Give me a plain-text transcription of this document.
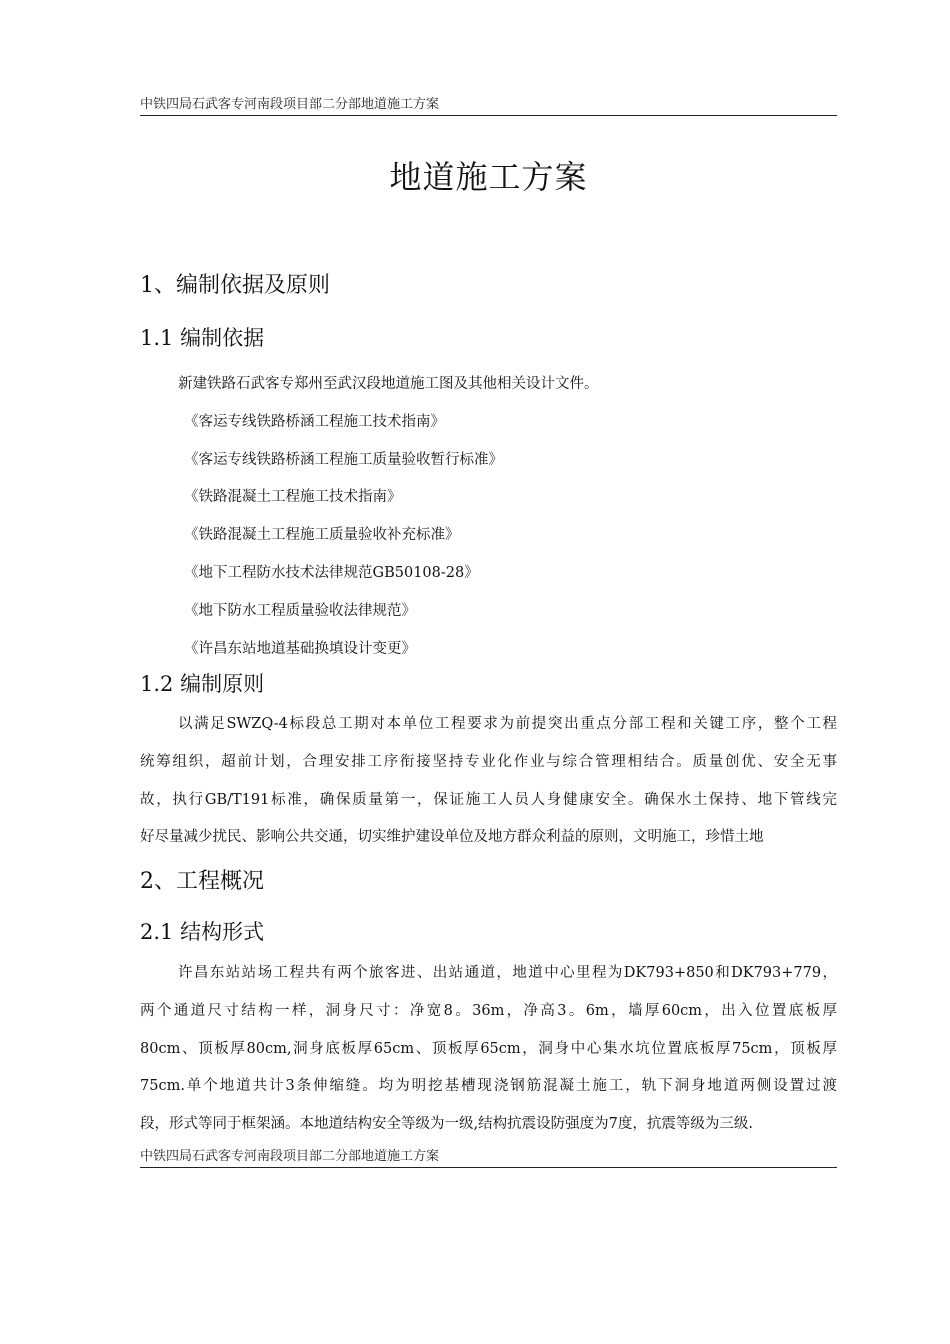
中铁四局石武客专河南段项目部二分部地道施工方案
地道施工方案
1、编制依据及原则
1.1 编制依据
新建铁路石武客专郑州至武汉段地道施工图及其他相关设计文件。
《客运专线铁路桥涵工程施工技术指南》
《客运专线铁路桥涵工程施工质量验收暂行标准》
《铁路混凝土工程施工技术指南》
《铁路混凝土工程施工质量验收补充标准》
《地下工程防水技术法律规范GB50108-28》
《地下防水工程质量验收法律规范》
《许昌东站地道基础换填设计变更》
1.2 编制原则

以满足SWZQ-4标段总工期对本单位工程要求为前提突出重点分部工程和关键工序，整个工程
统筹组织，超前计划，合理安排工序衔接坚持专业化作业与综合管理相结合。质量创优、安全无事
故，执行GB/T191标准，确保质量第一，保证施工人员人身健康安全。确保水土保持、地下管线完
好尽量减少扰民、影响公共交通，切实维护建设单位及地方群众利益的原则，文明施工，珍惜土地

2、工程概况
2.1 结构形式

许昌东站站场工程共有两个旅客进、出站通道，地道中心里程为DK793+850和DK793+779，
两个通道尺寸结构一样，洞身尺寸：净宽8。36m，净高3。6m，墙厚60cm，出入位置底板厚
80cm、顶板厚80cm,洞身底板厚65cm、顶板厚65cm，洞身中心集水坑位置底板厚75cm，顶板厚
75cm.单个地道共计3条伸缩缝。均为明挖基槽现浇钢筋混凝土施工，轨下洞身地道两侧设置过渡
段，形式等同于框架涵。本地道结构安全等级为一级,结构抗震设防强度为7度，抗震等级为三级.

中铁四局石武客专河南段项目部二分部地道施工方案
